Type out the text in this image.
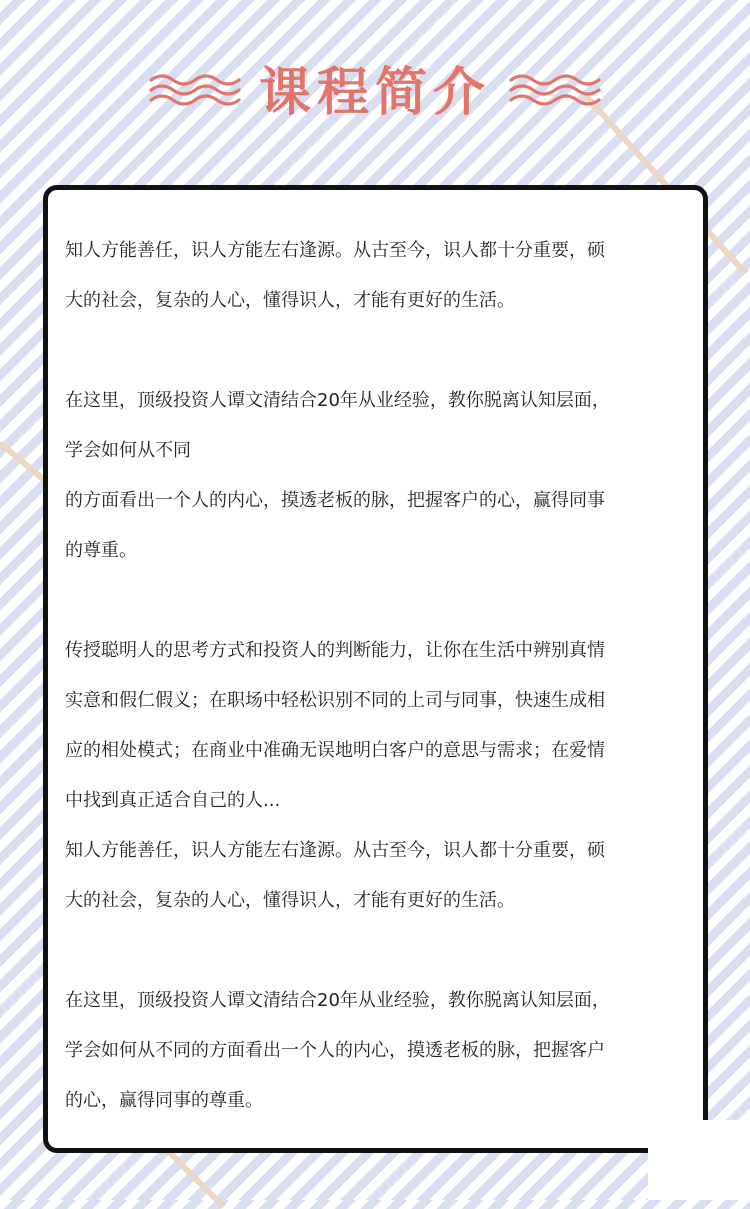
课程简介

知人方能善任，识人方能左右逢源。从古至今，识人都十分重要，硕

大的社会，复杂的人心，懂得识人，才能有更好的生活。

在这里，顶级投资人谭文清结合20年从业经验，教你脱离认知层面，

学会如何从不同

的方面看出一个人的内心，摸透老板的脉，把握客户的心，赢得同事

的尊重。

传授聪明人的思考方式和投资人的判断能力，让你在生活中辨别真情

实意和假仁假义；在职场中轻松识别不同的上司与同事，快速生成相

应的相处模式；在商业中准确无误地明白客户的意思与需求；在爱情

中找到真正适合自己的人...

知人方能善任，识人方能左右逢源。从古至今，识人都十分重要，硕

大的社会，复杂的人心，懂得识人，才能有更好的生活。

在这里，顶级投资人谭文清结合20年从业经验，教你脱离认知层面，

学会如何从不同的方面看出一个人的内心，摸透老板的脉，把握客户

的心，赢得同事的尊重。
